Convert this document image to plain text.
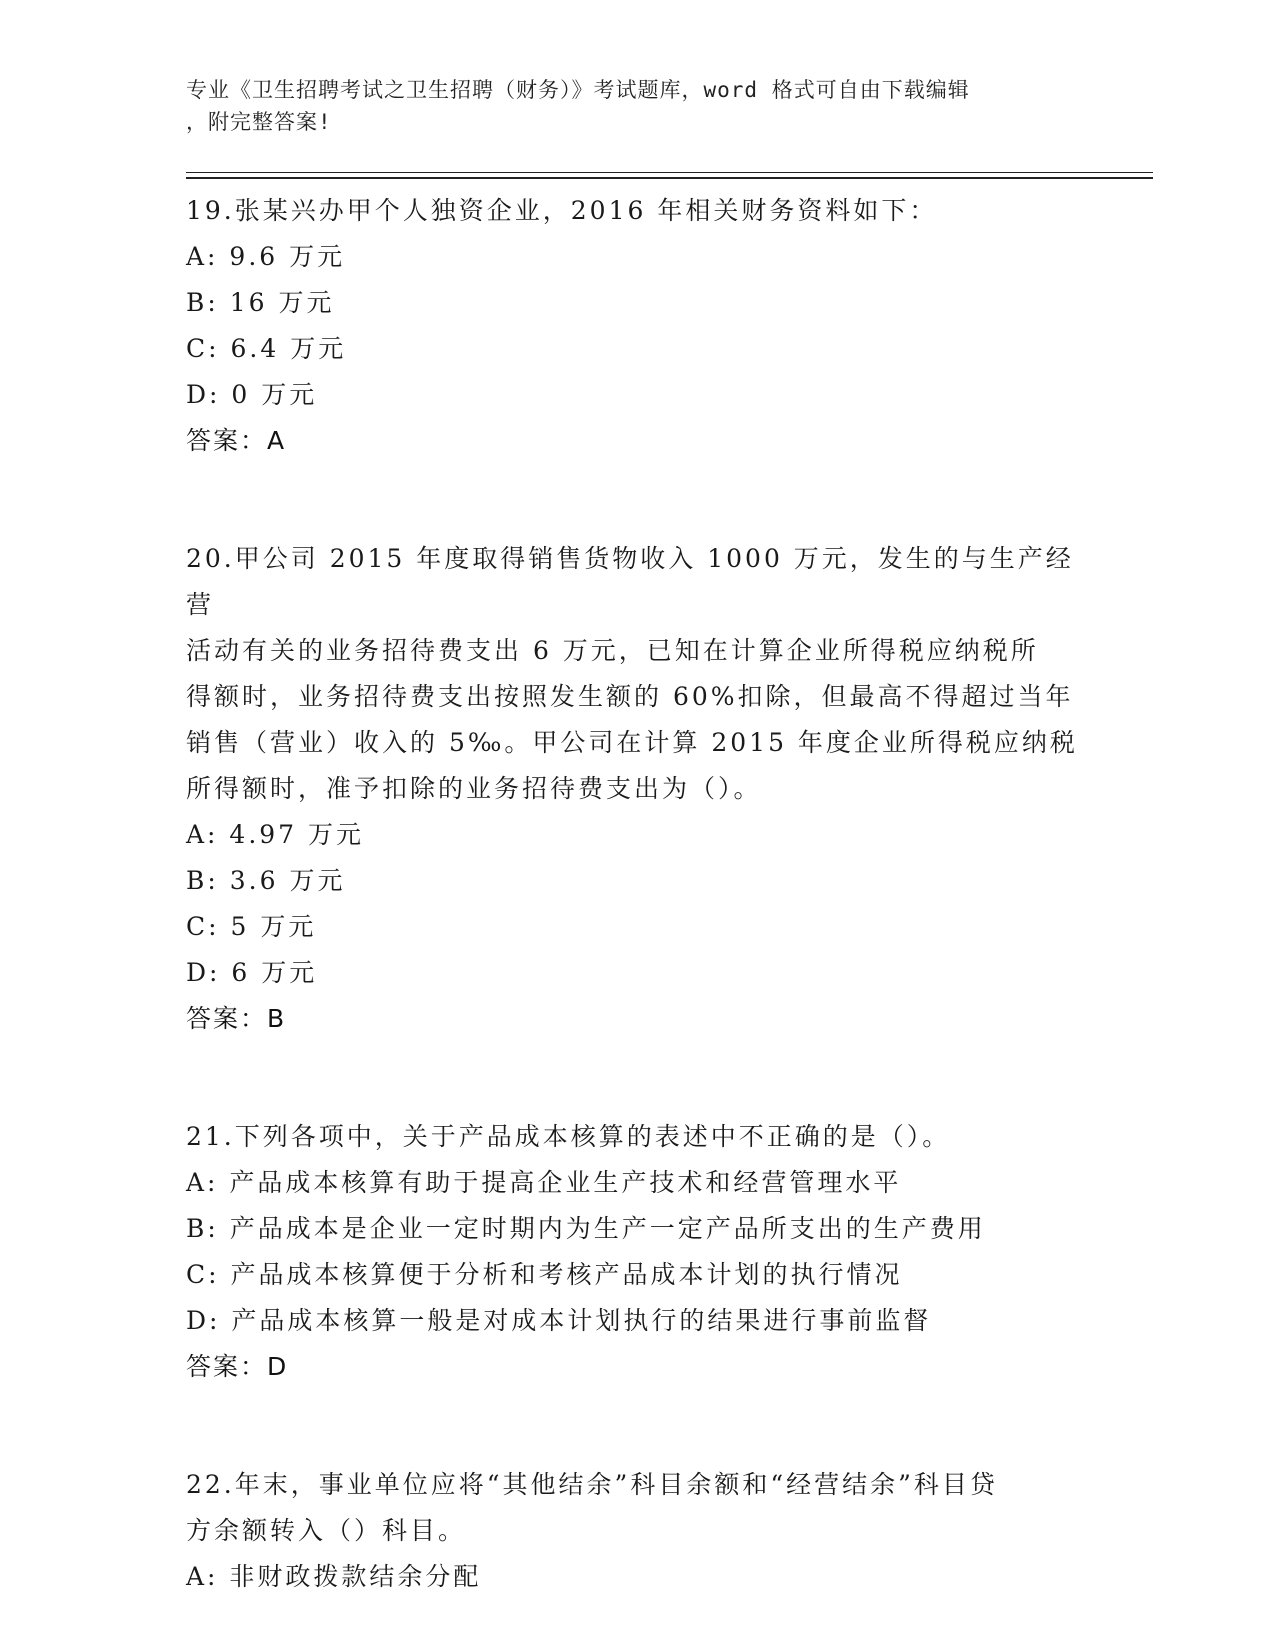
专业《卫生招聘考试之卫生招聘（财务）》考试题库，word 格式可自由下载编辑
，附完整答案!
19.张某兴办甲个人独资企业，2016 年相关财务资料如下：
A: 9.6 万元
B: 16 万元
C: 6.4 万元
D: 0 万元
答案：A
20.甲公司 2015 年度取得销售货物收入 1000 万元，发生的与生产经营
活动有关的业务招待费支出 6 万元，已知在计算企业所得税应纳税所
得额时，业务招待费支出按照发生额的 60%扣除，但最高不得超过当年
销售（营业）收入的 5‰。甲公司在计算 2015 年度企业所得税应纳税
所得额时，准予扣除的业务招待费支出为（）。
A: 4.97 万元
B: 3.6 万元
C: 5 万元
D: 6 万元
答案：B
21.下列各项中，关于产品成本核算的表述中不正确的是（）。
A: 产品成本核算有助于提高企业生产技术和经营管理水平
B: 产品成本是企业一定时期内为生产一定产品所支出的生产费用
C: 产品成本核算便于分析和考核产品成本计划的执行情况
D: 产品成本核算一般是对成本计划执行的结果进行事前监督
答案：D
22.年末，事业单位应将“其他结余”科目余额和“经营结余”科目贷
方余额转入（）科目。
A: 非财政拨款结余分配
